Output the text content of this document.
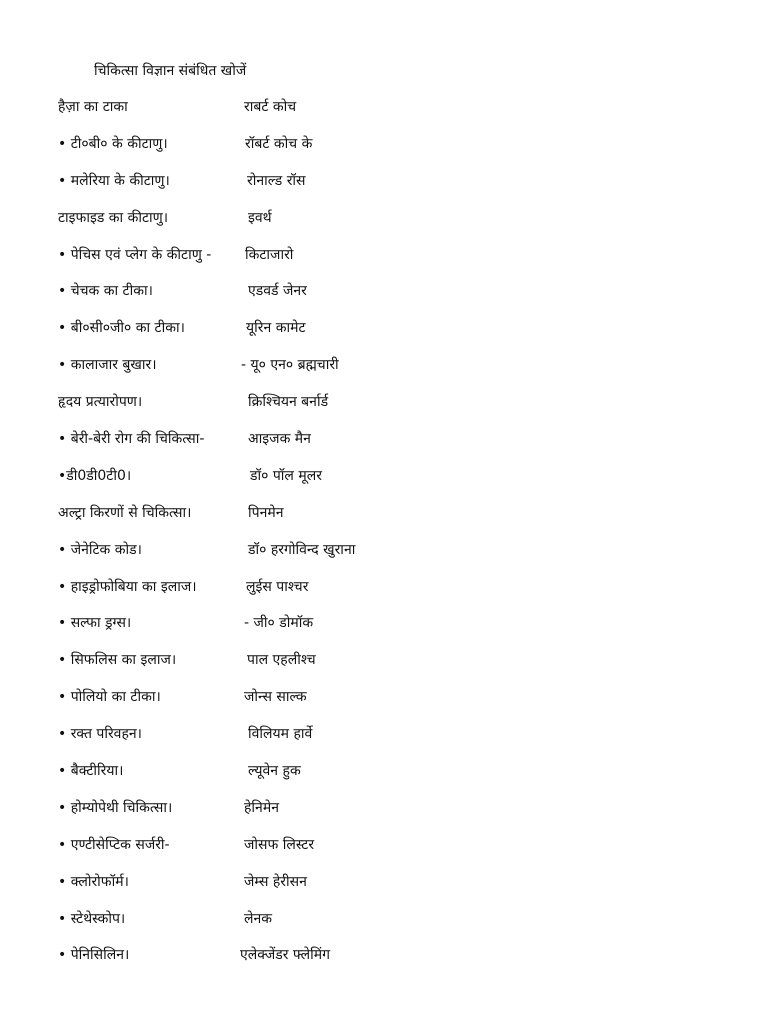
चिकित्सा विज्ञान संबंधित खोजें
हैज़ा का टाका	राबर्ट कोच
• टी०बी० के कीटाणु।	रॉबर्ट कोच के
• मलेरिया के कीटाणु।	रोनाल्ड रॉस
टाइफाइड का कीटाणु।	इवर्थ
• पेचिस एवं प्लेग के कीटाणु - किटाजारो
• चेचक का टीका।	एडवर्ड जेनर
• बी०सी०जी० का टीका।	यूरिन कामेट
• कालाजार बुखार।	- यू० एन० ब्रह्मचारी
हृदय प्रत्यारोपण।	क्रिश्चियन बर्नार्ड
• बेरी-बेरी रोग की चिकित्सा-	आइजक मैन
•डी0डी0टी0।	डॉ० पॉल मूलर
अल्ट्रा किरणों से चिकित्सा।	पिनमेन
• जेनेटिक कोड।	डॉ० हरगोविन्द खुराना
• हाइड्रोफोबिया का इलाज।	लुईस पाश्चर
• सल्फा ड्रग्स।	- जी० डोमॉक
• सिफलिस का इलाज।	पाल एहलीश्च
• पोलियो का टीका।	जोन्स साल्क
• रक्त परिवहन।	विलियम हार्वे
• बैक्टीरिया।	ल्यूवेन हुक
• होम्योपेथी चिकित्सा।	हेनिमेन
• एण्टीसेप्टिक सर्जरी-	जोसफ लिस्टर
• क्लोरोफॉर्म।	जेम्स हेरीसन
• स्टेथेस्कोप।	लेनक
• पेनिसिलिन।	एलेक्जेंडर फ्लेमिंग
